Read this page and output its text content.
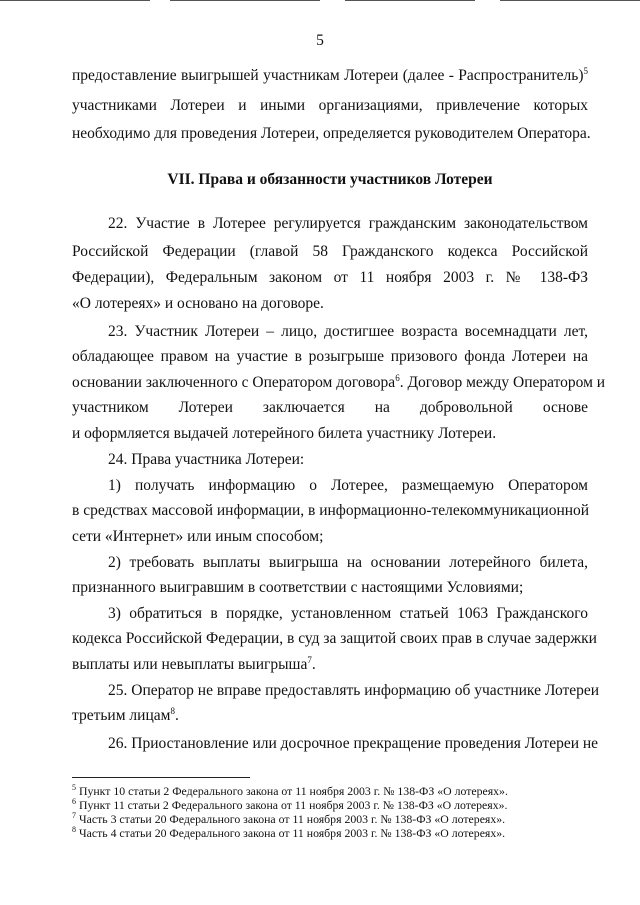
5
предоставление выигрышей участникам Лотереи (далее - Распространитель)$^5$
участниками Лотереи и иными организациями, привлечение которых
необходимо для проведения Лотереи, определяется руководителем Оператора.
VII. Права и обязанности участников Лотереи
22. Участие в Лотерее регулируется гражданским законодательством
Российской Федерации (главой 58 Гражданского кодекса Российской
Федерации), Федеральным законом от 11 ноября 2003 г. № 138-ФЗ
«О лотереях» и основано на договоре.
23. Участник Лотереи – лицо, достигшее возраста восемнадцати лет,
обладающее правом на участие в розыгрыше призового фонда Лотереи на
основании заключенного с Оператором договора$^6$. Договор между Оператором и
участником Лотереи заключается на добровольной основе
и оформляется выдачей лотерейного билета участнику Лотереи.
24. Права участника Лотереи:
1) получать информацию о Лотерее, размещаемую Оператором
в средствах массовой информации, в информационно-телекоммуникационной
сети «Интернет» или иным способом;
2) требовать выплаты выигрыша на основании лотерейного билета,
признанного выигравшим в соответствии с настоящими Условиями;
3) обратиться в порядке, установленном статьей 1063 Гражданского
кодекса Российской Федерации, в суд за защитой своих прав в случае задержки
выплаты или невыплаты выигрыша$^7$.
25. Оператор не вправе предоставлять информацию об участнике Лотереи
третьим лицам$^8$.
26. Приостановление или досрочное прекращение проведения Лотереи не
$^5$ Пункт 10 статьи 2 Федерального закона от 11 ноября 2003 г. № 138-ФЗ «О лотереях».
$^6$ Пункт 11 статьи 2 Федерального закона от 11 ноября 2003 г. № 138-ФЗ «О лотереях».
$^7$ Часть 3 статьи 20 Федерального закона от 11 ноября 2003 г. № 138-ФЗ «О лотереях».
$^8$ Часть 4 статьи 20 Федерального закона от 11 ноября 2003 г. № 138-ФЗ «О лотереях».
